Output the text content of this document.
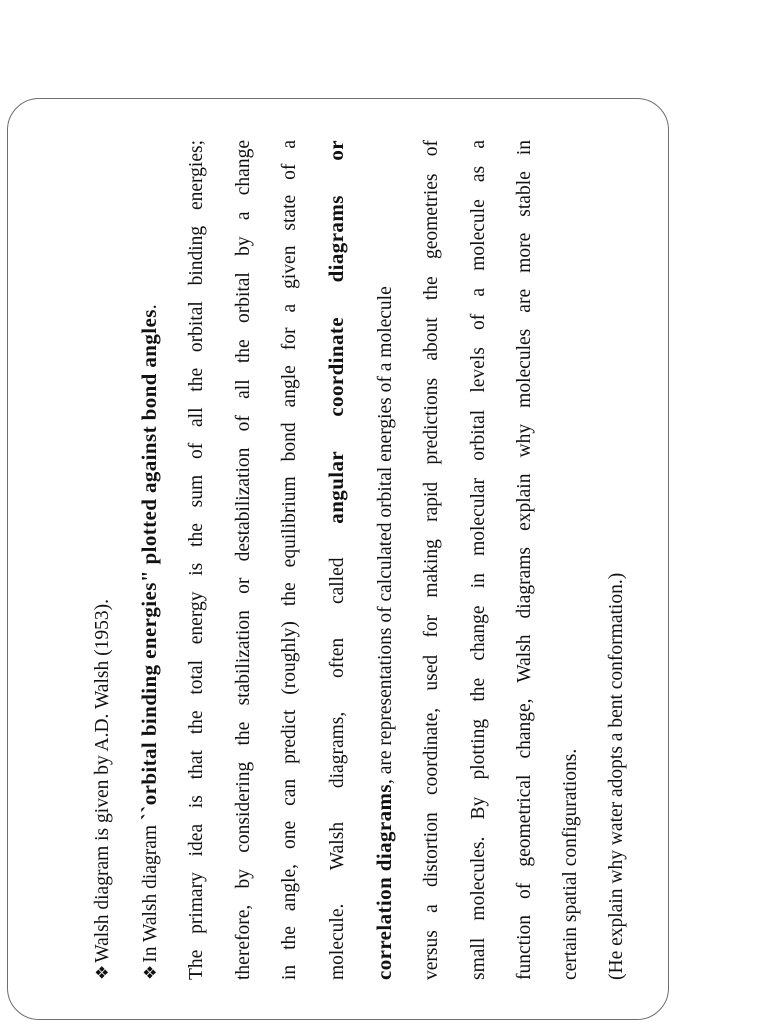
❖Walsh diagram is given by A.D. Walsh (1953).
❖In Walsh diagram ``orbital binding energies" plotted against bond angles.	The primary idea is that the total energy is the sum of all the orbital binding energies;	therefore, by considering the stabilization or destabilization of all the orbital by a change	in the angle, one can predict (roughly) the equilibrium bond angle for a given state of a	molecule. Walsh diagrams, often called angular coordinate diagrams or
correlation diagrams, are representations of calculated orbital energies of a molecule	versus a distortion coordinate, used for making rapid predictions about the geometries of	small molecules. By plotting the change in molecular orbital levels of a molecule as a	function of geometrical change, Walsh diagrams explain why molecules are more stable in	certain spatial configurations.	(He explain why water adopts a bent conformation.)
